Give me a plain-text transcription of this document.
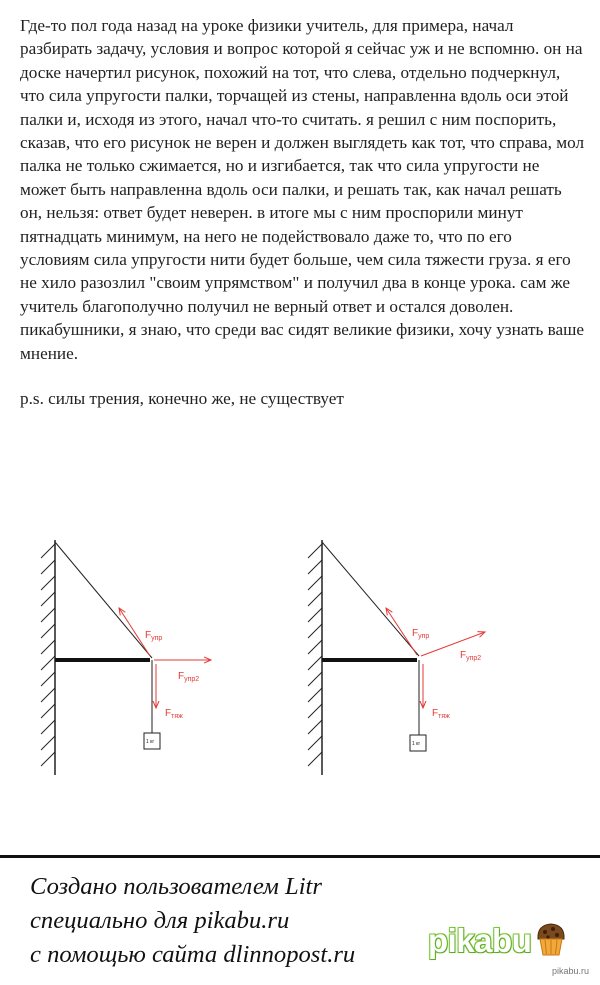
Где-то пол года назад на уроке физики учитель, для примера, начал разбирать задачу, условия и вопрос которой я сейчас уж и не вспомню. он на доске начертил рисунок, похожий на тот, что слева, отдельно подчеркнул, что сила упругости палки, торчащей из стены, направленна вдоль оси этой палки и, исходя из этого, начал что-то считать. я решил с ним поспорить, сказав, что его рисунок не верен и должен выглядеть как тот, что справа, мол палка не только сжимается, но и изгибается, так что сила упругости не может быть направленна вдоль оси палки, и решать так, как начал решать он, нельзя: ответ будет неверен. в итоге мы с ним проспорили минут пятнадцать минимум, на него не подействовало даже то, что по его условиям сила упругости нити будет больше, чем сила тяжести груза. я его не хило разозлил "своим упрямством" и получил два в конце урока. сам же учитель благополучно получил не верный ответ и остался доволен. пикабушники, я знаю, что среди вас сидят великие физики, хочу узнать ваше мнение.

p.s. силы трения, конечно же, не существует

1 кг
$F_{упр}$
$F_{упр2}$
$F_{тяж}$
1 кг
$F_{упр}$
$F_{упр2}$
$F_{тяж}$
Создано пользователем Litr
специально для pikabu.ru
с помощью сайта dlinnopost.ru pikabu
pikabu.ru
